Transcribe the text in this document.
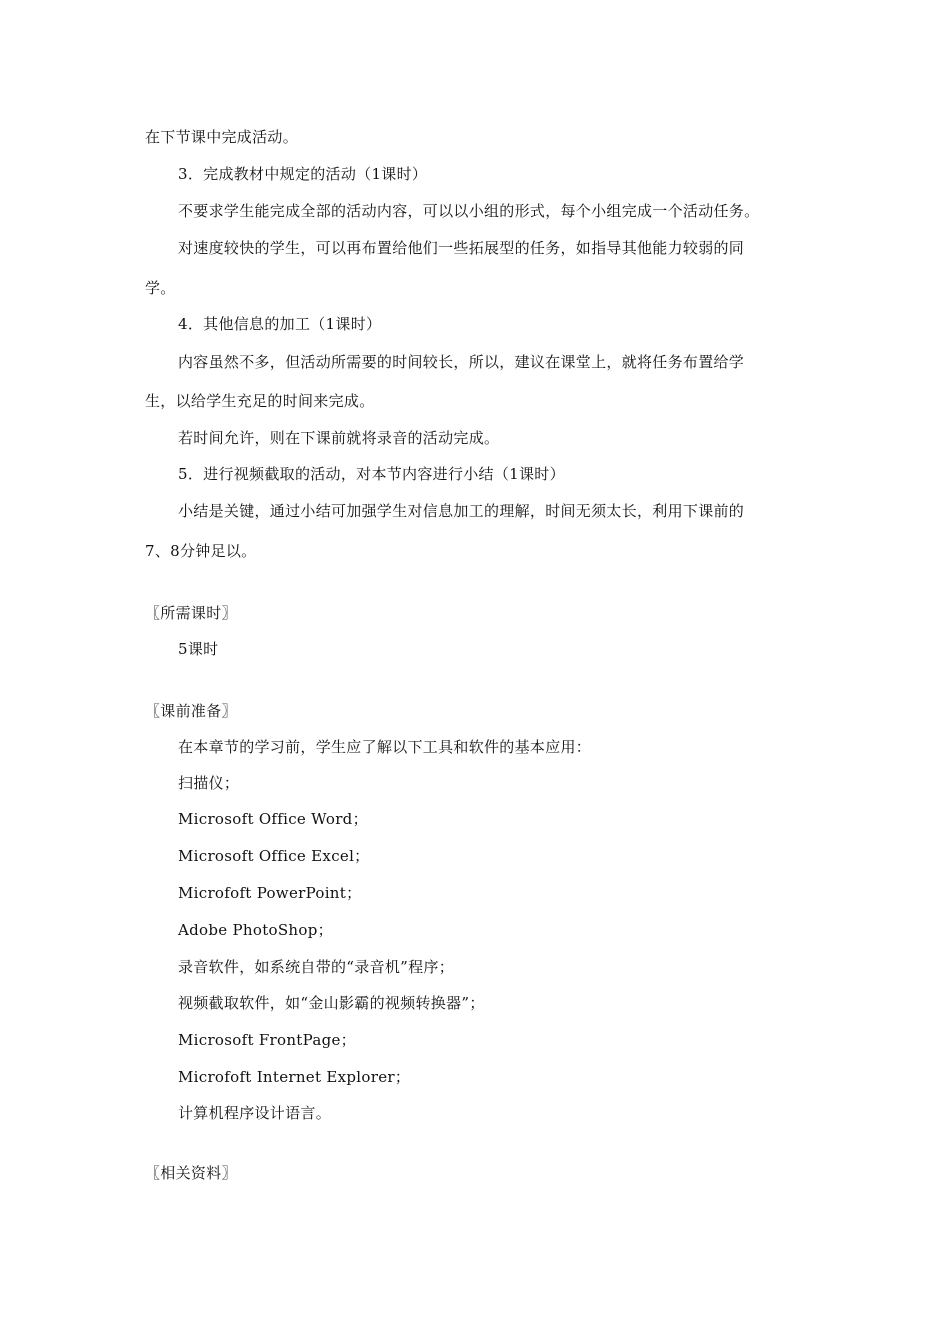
在下节课中完成活动。
3．完成教材中规定的活动（1课时）
不要求学生能完成全部的活动内容，可以以小组的形式，每个小组完成一个活动任务。
对速度较快的学生，可以再布置给他们一些拓展型的任务，如指导其他能力较弱的同
学。
4．其他信息的加工（1课时）
内容虽然不多，但活动所需要的时间较长，所以，建议在课堂上，就将任务布置给学
生，以给学生充足的时间来完成。
若时间允许，则在下课前就将录音的活动完成。
5．进行视频截取的活动，对本节内容进行小结（1课时）
小结是关键，通过小结可加强学生对信息加工的理解，时间无须太长，利用下课前的
7、8分钟足以。
〖所需课时〗
5课时
〖课前准备〗
在本章节的学习前，学生应了解以下工具和软件的基本应用：
扫描仪；
Microsoft Office Word；
Microsoft Office Excel；
Microfoft PowerPoint；
Adobe PhotoShop；
录音软件，如系统自带的“录音机”程序；
视频截取软件，如“金山影霸的视频转换器”；
Microsoft FrontPage；
Microfoft Internet Explorer；
计算机程序设计语言。
〖相关资料〗
